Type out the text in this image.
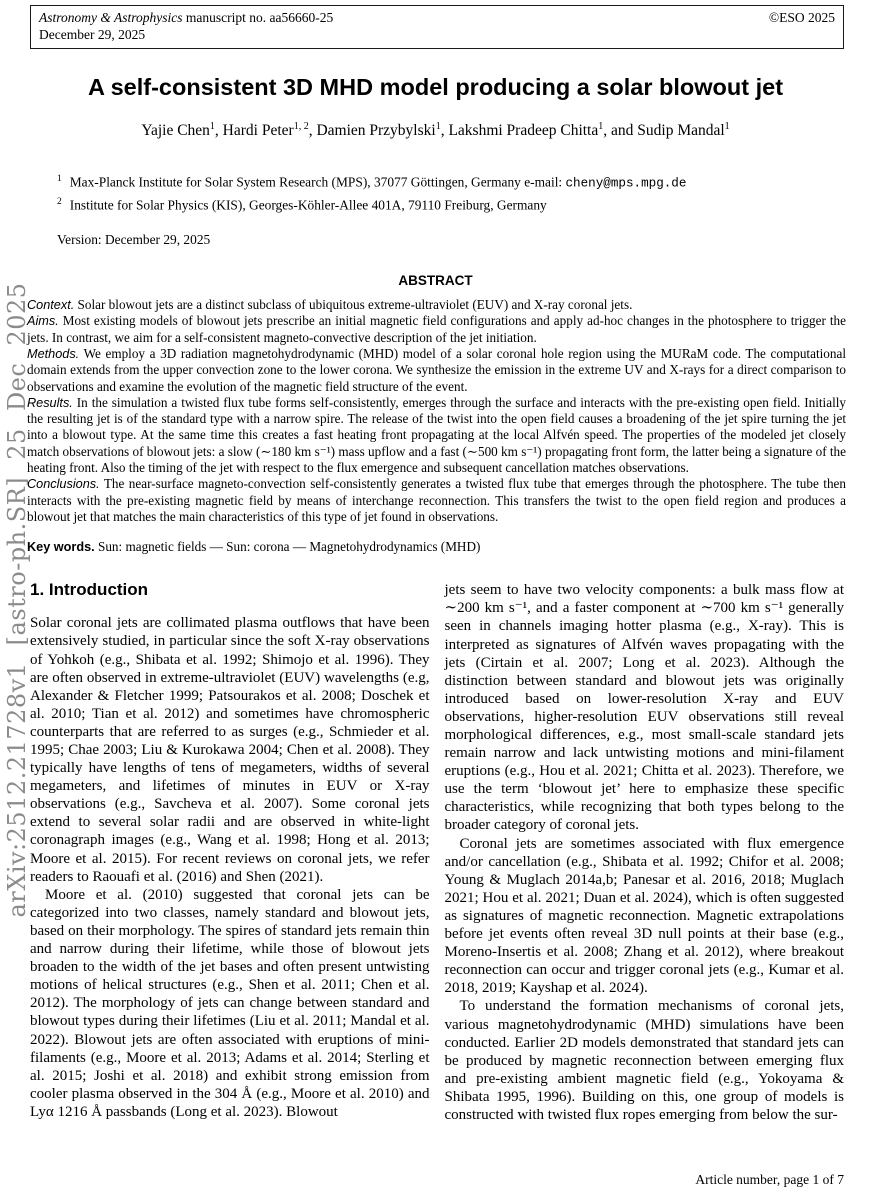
Astronomy & Astrophysics manuscript no. aa56660-25
December 29, 2025
©ESO 2025
arXiv:2512.21728v1 [astro-ph.SR] 25 Dec 2025
A self-consistent 3D MHD model producing a solar blowout jet
Yajie Chen$^1$, Hardi Peter$^{1, 2}$, Damien Przybylski$^1$, Lakshmi Pradeep Chitta$^1$, and Sudip Mandal$^1$
$^1$ Max-Planck Institute for Solar System Research (MPS), 37077 Göttingen, Germany e-mail: cheny@mps.mpg.de
$^2$ Institute for Solar Physics (KIS), Georges-Köhler-Allee 401A, 79110 Freiburg, Germany
Version: December 29, 2025
ABSTRACT

Context. Solar blowout jets are a distinct subclass of ubiquitous extreme-ultraviolet (EUV) and X-ray coronal jets.

Aims. Most existing models of blowout jets prescribe an initial magnetic field configurations and apply ad-hoc changes in the photosphere to trigger the jets. In contrast, we aim for a self-consistent magneto-convective description of the jet initiation.

Methods. We employ a 3D radiation magnetohydrodynamic (MHD) model of a solar coronal hole region using the MURaM code. The computational domain extends from the upper convection zone to the lower corona. We synthesize the emission in the extreme UV and X-rays for a direct comparison to observations and examine the evolution of the magnetic field structure of the event.

Results. In the simulation a twisted flux tube forms self-consistently, emerges through the surface and interacts with the pre-existing open field. Initially the resulting jet is of the standard type with a narrow spire. The release of the twist into the open field causes a broadening of the jet spire turning the jet into a blowout type. At the same time this creates a fast heating front propagating at the local Alfvén speed. The properties of the modeled jet closely match observations of blowout jets: a slow (∼180 km s⁻¹) mass upflow and a fast (∼500 km s⁻¹) propagating front form, the latter being a signature of the heating front. Also the timing of the jet with respect to the flux emergence and subsequent cancellation matches observations.

Conclusions. The near-surface magneto-convection self-consistently generates a twisted flux tube that emerges through the photosphere. The tube then interacts with the pre-existing magnetic field by means of interchange reconnection. This transfers the twist to the open field region and produces a blowout jet that matches the main characteristics of this type of jet found in observations.

Key words. Sun: magnetic fields — Sun: corona — Magnetohydrodynamics (MHD)
1. Introduction

Solar coronal jets are collimated plasma outflows that have been extensively studied, in particular since the soft X-ray observations of Yohkoh (e.g., Shibata et al. 1992; Shimojo et al. 1996). They are often observed in extreme-ultraviolet (EUV) wavelengths (e.g, Alexander & Fletcher 1999; Patsourakos et al. 2008; Doschek et al. 2010; Tian et al. 2012) and sometimes have chromospheric counterparts that are referred to as surges (e.g., Schmieder et al. 1995; Chae 2003; Liu & Kurokawa 2004; Chen et al. 2008). They typically have lengths of tens of megameters, widths of several megameters, and lifetimes of minutes in EUV or X-ray observations (e.g., Savcheva et al. 2007). Some coronal jets extend to several solar radii and are observed in white-light coronagraph images (e.g., Wang et al. 1998; Hong et al. 2013; Moore et al. 2015). For recent reviews on coronal jets, we refer readers to Raouafi et al. (2016) and Shen (2021).

Moore et al. (2010) suggested that coronal jets can be categorized into two classes, namely standard and blowout jets, based on their morphology. The spires of standard jets remain thin and narrow during their lifetime, while those of blowout jets broaden to the width of the jet bases and often present untwisting motions of helical structures (e.g., Shen et al. 2011; Chen et al. 2012). The morphology of jets can change between standard and blowout types during their lifetimes (Liu et al. 2011; Mandal et al. 2022). Blowout jets are often associated with eruptions of mini-filaments (e.g., Moore et al. 2013; Adams et al. 2014; Sterling et al. 2015; Joshi et al. 2018) and exhibit strong emission from cooler plasma observed in the 304 Å (e.g., Moore et al. 2010) and Lyα 1216 Å passbands (Long et al. 2023). Blowout

jets seem to have two velocity components: a bulk mass flow at ∼200 km s⁻¹, and a faster component at ∼700 km s⁻¹ generally seen in channels imaging hotter plasma (e.g., X-ray). This is interpreted as signatures of Alfvén waves propagating with the jets (Cirtain et al. 2007; Long et al. 2023). Although the distinction between standard and blowout jets was originally introduced based on lower-resolution X-ray and EUV observations, higher-resolution EUV observations still reveal morphological differences, e.g., most small-scale standard jets remain narrow and lack untwisting motions and mini-filament eruptions (e.g., Hou et al. 2021; Chitta et al. 2023). Therefore, we use the term ‘blowout jet’ here to emphasize these specific characteristics, while recognizing that both types belong to the broader category of coronal jets.

Coronal jets are sometimes associated with flux emergence and/or cancellation (e.g., Shibata et al. 1992; Chifor et al. 2008; Young & Muglach 2014a,b; Panesar et al. 2016, 2018; Muglach 2021; Hou et al. 2021; Duan et al. 2024), which is often suggested as signatures of magnetic reconnection. Magnetic extrapolations before jet events often reveal 3D null points at their base (e.g., Moreno-Insertis et al. 2008; Zhang et al. 2012), where breakout reconnection can occur and trigger coronal jets (e.g., Kumar et al. 2018, 2019; Kayshap et al. 2024).

To understand the formation mechanisms of coronal jets, various magnetohydrodynamic (MHD) simulations have been conducted. Earlier 2D models demonstrated that standard jets can be produced by magnetic reconnection between emerging flux and pre-existing ambient magnetic field (e.g., Yokoyama & Shibata 1995, 1996). Building on this, one group of models is constructed with twisted flux ropes emerging from below the sur-

Article number, page 1 of 7
